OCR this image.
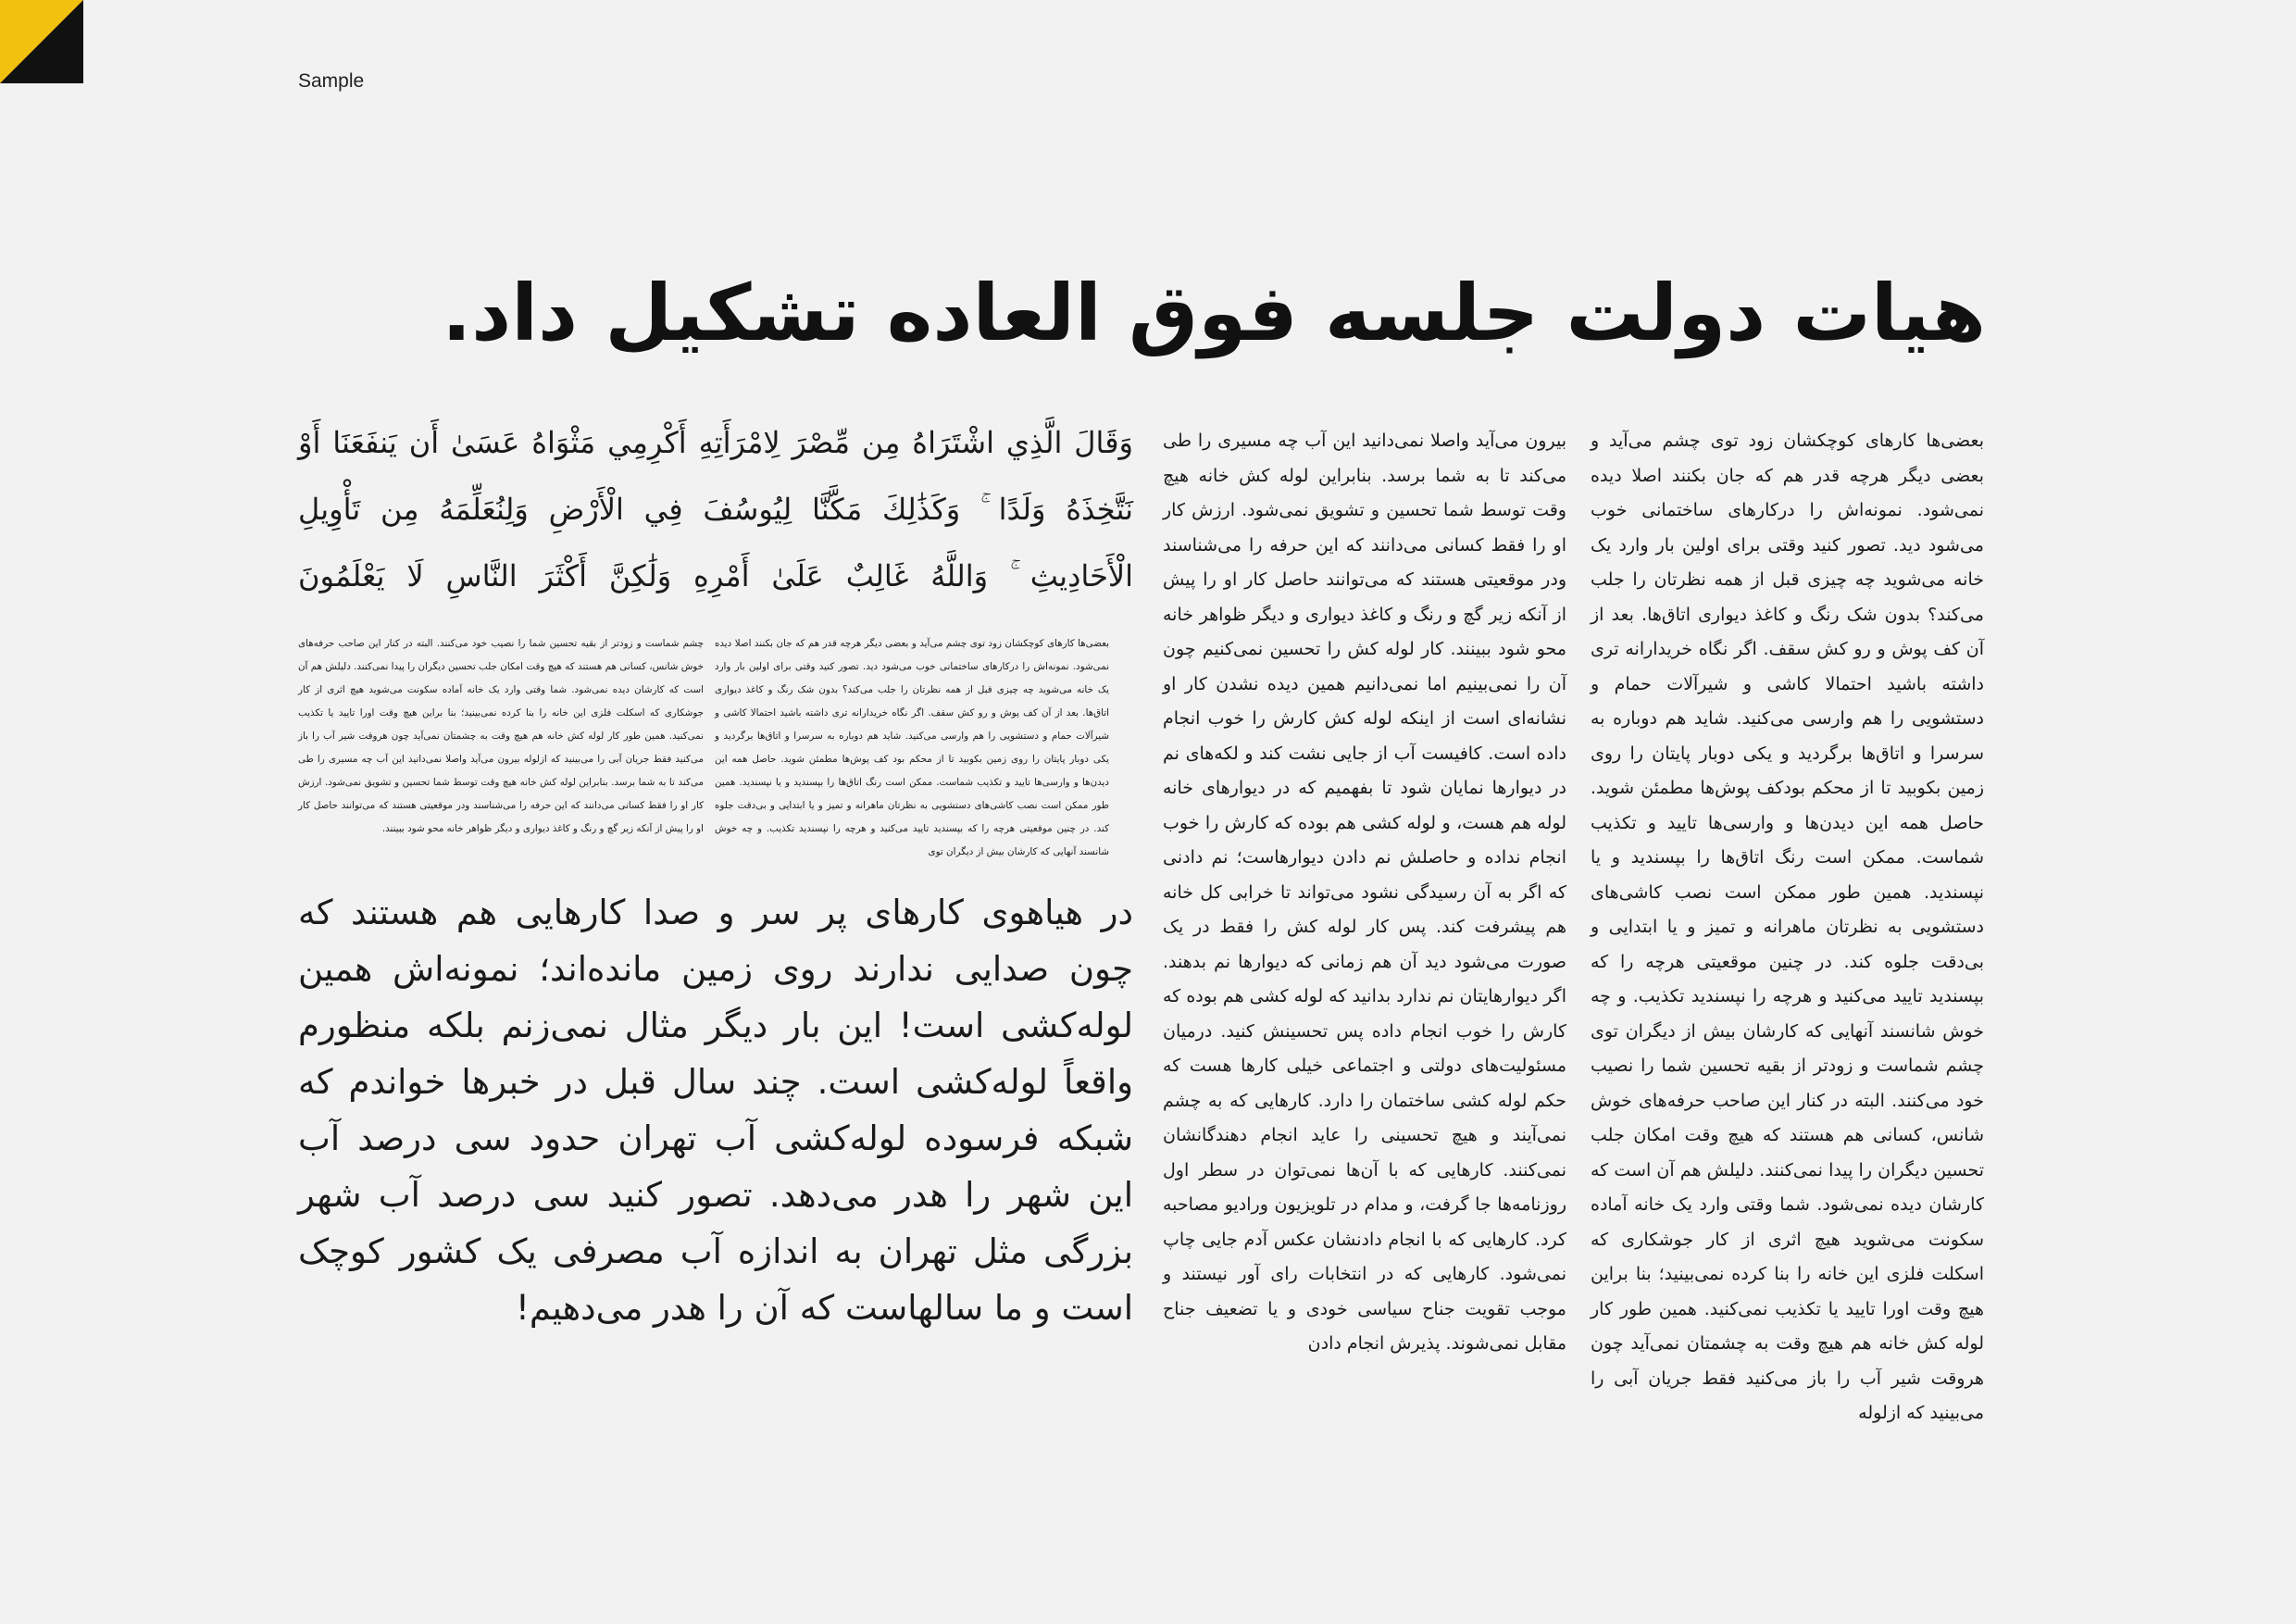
Sample
هیات دولت جلسه فوق العاده تشکیل داد.
بعضی‌ها کارهای کوچکشان زود توی چشم می‌آید و بعضی دیگر هرچه قدر هم که جان بکنند اصلا دیده نمی‌شود. نمونه‌اش را درکارهای ساختمانی خوب می‌شود دید. تصور کنید وقتی برای اولین بار وارد یک خانه می‌شوید چه چیزی قبل از همه نظرتان را جلب می‌کند؟ بدون شک رنگ و کاغذ دیواری اتاق‌ها. بعد از آن کف پوش و رو کش سقف. اگر نگاه خریدارانه تری داشته باشید احتمالا کاشی و شیرآلات حمام و دستشویی را هم وارسی می‌کنید. شاید هم دوباره به سرسرا و اتاق‌ها برگردید و یکی دوبار پایتان را روی زمین بکوبید تا از محکم بودکف پوش‌ها مطمئن شوید. حاصل همه این دیدن‌ها و وارسی‌ها تایید و تکذیب شماست. ممکن است رنگ اتاق‌ها را بپسندید و یا نپسندید. همین طور ممکن است نصب کاشی‌های دستشویی به نظرتان ماهرانه و تمیز و یا ابتدایی و بی‌دقت جلوه کند. در چنین موقعیتی هرچه را که بپسندید تایید می‌کنید و هرچه را نپسندید تکذیب. و چه خوش شانسند آنهایی که کارشان بیش از دیگران توی چشم شماست و زودتر از بقیه تحسین شما را نصیب خود می‌کنند. البته در کنار این صاحب حرفه‌های خوش شانس، کسانی هم هستند که هیچ وقت امکان جلب تحسین دیگران را پیدا نمی‌کنند. دلیلش هم آن است که کارشان دیده نمی‌شود. شما وقتی وارد یک خانه آماده سکونت می‌شوید هیچ اثری از کار جوشکاری که اسکلت فلزی این خانه را بنا کرده نمی‌بینید؛ بنا براین هیچ وقت اورا تایید یا تکذیب نمی‌کنید. همین طور کار لوله کش خانه هم هیچ وقت به چشمتان نمی‌آید چون هروقت شیر آب را باز می‌کنید فقط جریان آبی را می‌بینید که ازلوله
بیرون می‌آید واصلا نمی‌دانید این آب چه مسیری را طی می‌کند تا به شما برسد. بنابراین لوله کش خانه هیچ وقت توسط شما تحسین و تشویق نمی‌شود. ارزش کار او را فقط کسانی می‌دانند که این حرفه را می‌شناسند ودر موقعیتی هستند که می‌توانند حاصل کار او را پیش از آنکه زیر گچ و رنگ و کاغذ دیواری و دیگر ظواهر خانه محو شود ببینند. کار لوله کش را تحسین نمی‌کنیم چون آن را نمی‌بینیم اما نمی‌دانیم همین دیده نشدن کار او نشانه‌ای است از اینکه لوله کش کارش را خوب انجام داده است. کافیست آب از جایی نشت کند و لکه‌های نم در دیوارها نمایان شود تا بفهمیم که در دیوارهای خانه لوله هم هست، و لوله کشی هم بوده که کارش را خوب انجام نداده و حاصلش نم دادن دیوارهاست؛ نم دادنی که اگر به آن رسیدگی نشود می‌تواند تا خرابی کل خانه هم پیشرفت کند. پس کار لوله کش را فقط در یک صورت می‌شود دید آن هم زمانی که دیوارها نم بدهند. اگر دیوارهایتان نم ندارد بدانید که لوله کشی هم بوده که کارش را خوب انجام داده پس تحسینش کنید. درمیان مسئولیت‌های دولتی و اجتماعی خیلی کارها هست که حکم لوله کشی ساختمان را دارد. کارهایی که به چشم نمی‌آیند و هیچ تحسینی را عاید انجام دهندگانشان نمی‌کنند. کارهایی که با آن‌ها نمی‌توان در سطر اول روزنامه‌ها جا گرفت، و مدام در تلویزیون ورادیو مصاحبه کرد. کارهایی که با انجام دادنشان عکس آدم جایی چاپ نمی‌شود. کارهایی که در انتخابات رای آور نیستند و موجب تقویت جناح سیاسی خودی و یا تضعیف جناح مقابل نمی‌شوند. پذیرش انجام دادن
وَقَالَ الَّذِي اشْتَرَاهُ مِن مِّصْرَ لِامْرَأَتِهِ أَكْرِمِي مَثْوَاهُ عَسَىٰ أَن يَنفَعَنَا أَوْ نَتَّخِذَهُ وَلَدًا ۚ وَكَذَٰلِكَ مَكَّنَّا لِيُوسُفَ فِي الْأَرْضِ وَلِنُعَلِّمَهُ مِن تَأْوِيلِ الْأَحَادِيثِ ۚ وَاللَّهُ غَالِبٌ عَلَىٰ أَمْرِهِ وَلَٰكِنَّ أَكْثَرَ النَّاسِ لَا يَعْلَمُونَ
بعضی‌ها کارهای کوچکشان زود توی چشم می‌آید و بعضی دیگر هرچه قدر هم که جان بکنند اصلا دیده نمی‌شود. نمونه‌اش را درکارهای ساختمانی خوب می‌شود دید. تصور کنید وقتی برای اولین بار وارد یک خانه می‌شوید چه چیزی قبل از همه نظرتان را جلب می‌کند؟ بدون شک رنگ و کاغذ دیواری اتاق‌ها. بعد از آن کف پوش و رو کش سقف. اگر نگاه خریدارانه تری داشته باشید احتمالا کاشی و شیرآلات حمام و دستشویی را هم وارسی می‌کنید. شاید هم دوباره به سرسرا و اتاق‌ها برگردید و یکی دوبار پایتان را روی زمین بکوبید تا از محکم بود کف پوش‌ها مطمئن شوید. حاصل همه این دیدن‌ها و وارسی‌ها تایید و تکذیب شماست. ممکن است رنگ اتاق‌ها را بپسندید و یا نپسندید. همین طور ممکن است نصب کاشی‌های دستشویی به نظرتان ماهرانه و تمیز و یا ابتدایی و بی‌دقت جلوه کند. در چنین موقعیتی هرچه را که بپسندید تایید می‌کنید و هرچه را نپسندید تکذیب. و چه خوش شانسند آنهایی که کارشان بیش از دیگران توی
چشم شماست و زودتر از بقیه تحسین شما را نصیب خود می‌کنند. البته در کنار این صاحب حرفه‌های خوش شانس، کسانی هم هستند که هیچ وقت امکان جلب تحسین دیگران را پیدا نمی‌کنند. دلیلش هم آن است که کارشان دیده نمی‌شود. شما وقتی وارد یک خانه آماده سکونت می‌شوید هیچ اثری از کار جوشکاری که اسکلت فلزی این خانه را بنا کرده نمی‌بینید؛ بنا براین هیچ وقت اورا تایید یا تکذیب نمی‌کنید. همین طور کار لوله کش خانه هم هیچ وقت به چشمتان نمی‌آید چون هروقت شیر آب را باز می‌کنید فقط جریان آبی را می‌بینید که ازلوله بیرون می‌آید واصلا نمی‌دانید این آب چه مسیری را طی می‌کند تا به شما برسد. بنابراین لوله کش خانه هیچ وقت توسط شما تحسین و تشویق نمی‌شود. ارزش کار او را فقط کسانی می‌دانند که این حرفه را می‌شناسند ودر موقعیتی هستند که می‌توانند حاصل کار او را پیش از آنکه زیر گچ و رنگ و کاغذ دیواری و دیگر ظواهر خانه محو شود ببینند.
در هیاهوی کارهای پر سر و صدا کارهایی هم هستند که چون صدایی ندارند روی زمین مانده‌اند؛ نمونه‌اش همین لوله‌کشی است! این بار دیگر مثال نمی‌زنم بلکه منظورم واقعاً لوله‌کشی است. چند سال قبل در خبرها خواندم که شبکه فرسوده لوله‌کشی آب تهران حدود سی درصد آب این شهر را هدر می‌دهد. تصور کنید سی درصد آب شهر بزرگی مثل تهران به اندازه آب مصرفی یک کشور کوچک است و ما سالهاست که آن را هدر می‌دهیم!
